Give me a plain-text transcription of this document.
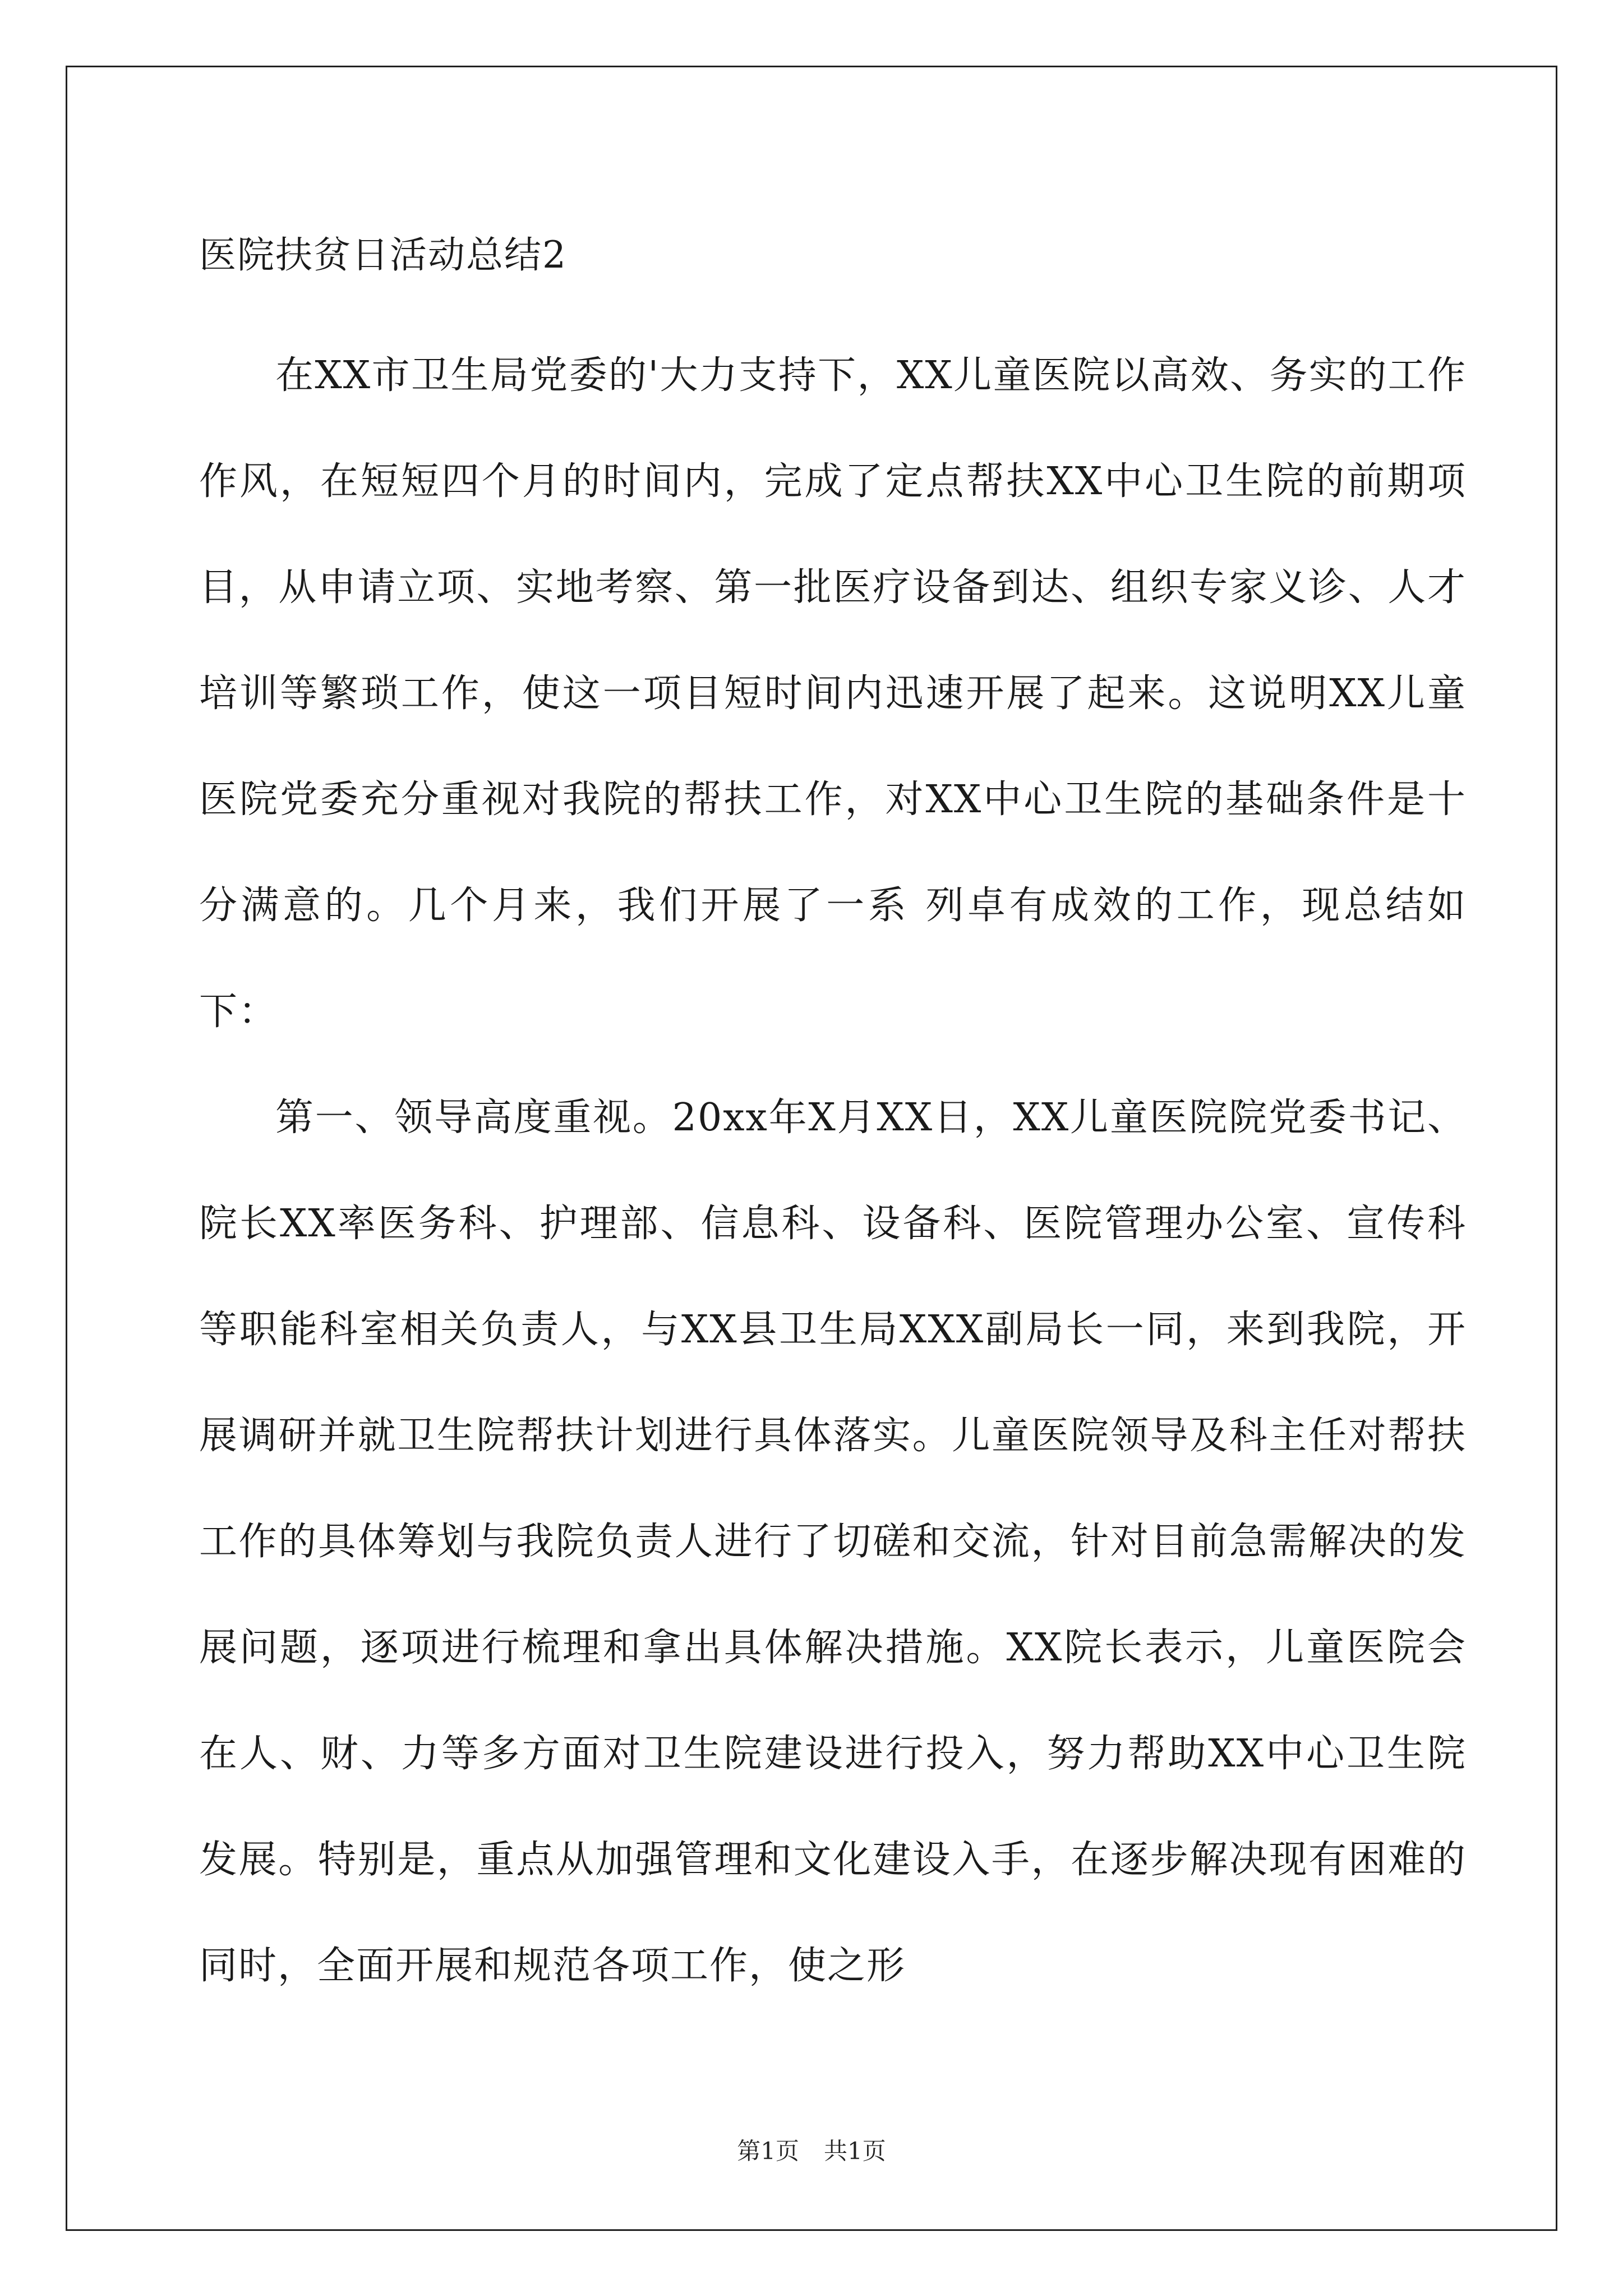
医院扶贫日活动总结2

在XX市卫生局党委的'大力支持下，XX儿童医院以高效、务实的工作作风，在短短四个月的时间内，完成了定点帮扶XX中心卫生院的前期项目，从申请立项、实地考察、第一批医疗设备到达、组织专家义诊、人才培训等繁琐工作，使这一项目短时间内迅速开展了起来。这说明XX儿童医院党委充分重视对我院的帮扶工作，对XX中心卫生院的基础条件是十分满意的。几个月来，我们开展了一系 列卓有成效的工作，现总结如下：

第一、领导高度重视。20xx年X月XX日，XX儿童医院院党委书记、院长XX率医务科、护理部、信息科、设备科、医院管理办公室、宣传科等职能科室相关负责人，与XX县卫生局XXX副局长一同，来到我院，开展调研并就卫生院帮扶计划进行具体落实。儿童医院领导及科主任对帮扶工作的具体筹划与我院负责人进行了切磋和交流，针对目前急需解决的发展问题，逐项进行梳理和拿出具体解决措施。XX院长表示，儿童医院会在人、财、力等多方面对卫生院建设进行投入，努力帮助XX中心卫生院发展。特别是，重点从加强管理和文化建设入手，在逐步解决现有困难的同时，全面开展和规范各项工作，使之形

第1页 共1页
